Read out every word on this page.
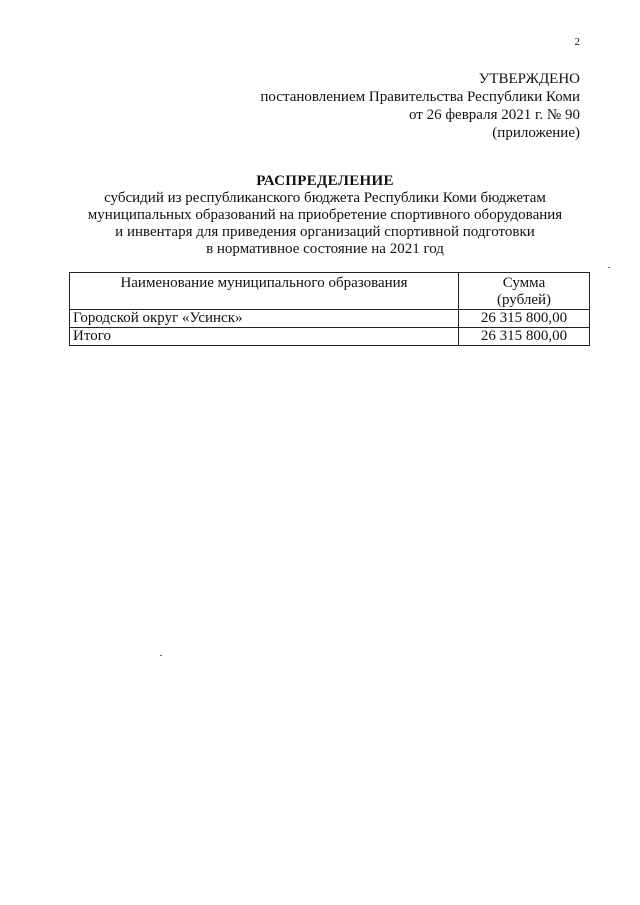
2
УТВЕРЖДЕНО
постановлением Правительства Республики Коми
от 26 февраля 2021 г. № 90
(приложение)
РАСПРЕДЕЛЕНИЕ
субсидий из республиканского бюджета Республики Коми бюджетам
муниципальных образований на приобретение спортивного оборудования
и инвентаря для приведения организаций спортивной подготовки
в нормативное состояние на 2021 год
Наименование муниципального образования	Сумма
(рублей)

Городской округ «Усинск»	26 315 800,00
Итого	26 315 800,00
